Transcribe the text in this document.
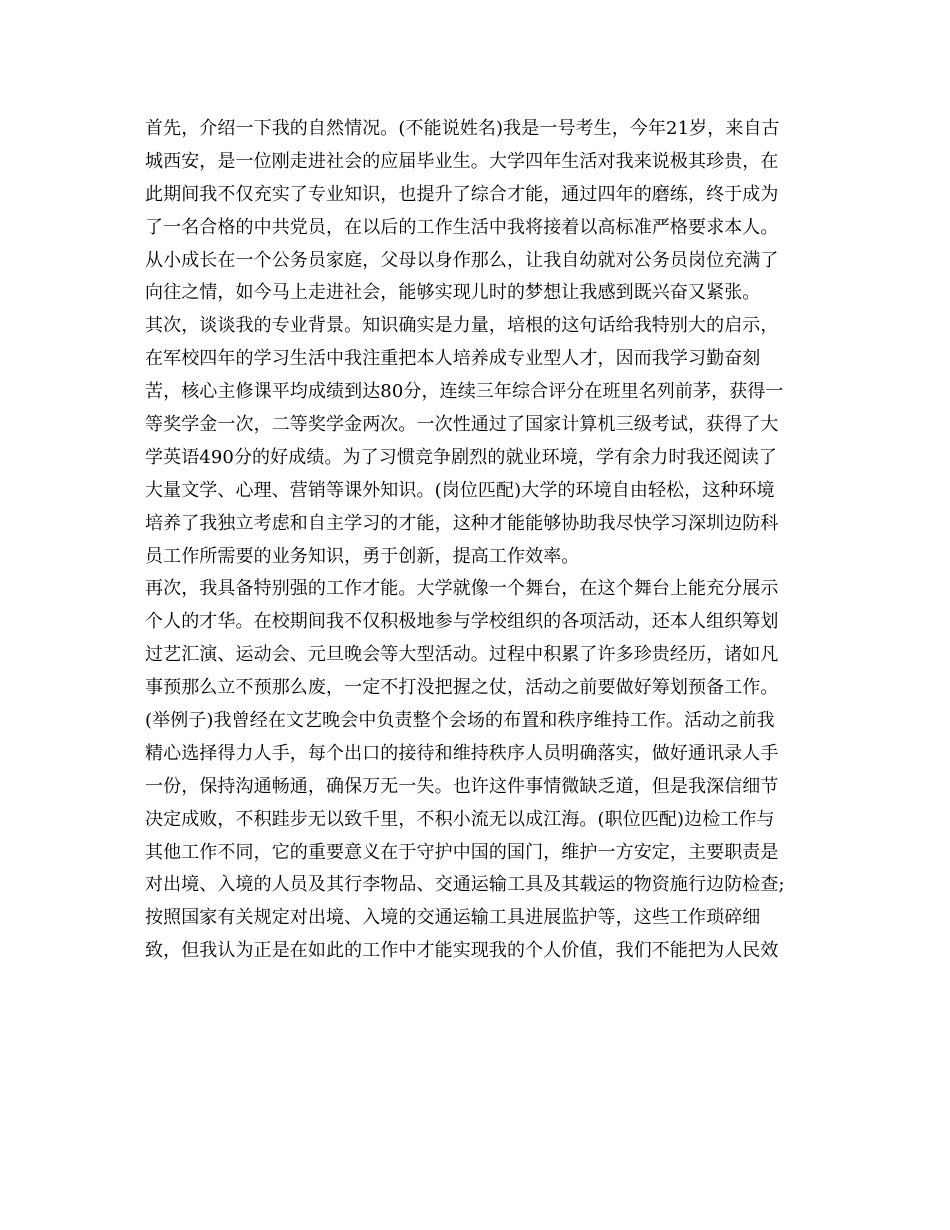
首先，介绍一下我的自然情况。(不能说姓名)我是一号考生，今年21岁，来自古
城西安，是一位刚走进社会的应届毕业生。大学四年生活对我来说极其珍贵，在
此期间我不仅充实了专业知识，也提升了综合才能，通过四年的磨练，终于成为
了一名合格的中共党员，在以后的工作生活中我将接着以高标准严格要求本人。
从小成长在一个公务员家庭，父母以身作那么，让我自幼就对公务员岗位充满了
向往之情，如今马上走进社会，能够实现儿时的梦想让我感到既兴奋又紧张。
其次，谈谈我的专业背景。知识确实是力量，培根的这句话给我特别大的启示，
在军校四年的学习生活中我注重把本人培养成专业型人才，因而我学习勤奋刻
苦，核心主修课平均成绩到达80分，连续三年综合评分在班里名列前茅，获得一
等奖学金一次，二等奖学金两次。一次性通过了国家计算机三级考试，获得了大
学英语490分的好成绩。为了习惯竞争剧烈的就业环境，学有余力时我还阅读了
大量文学、心理、营销等课外知识。(岗位匹配)大学的环境自由轻松，这种环境
培养了我独立考虑和自主学习的才能，这种才能能够协助我尽快学习深圳边防科
员工作所需要的业务知识，勇于创新，提高工作效率。
再次，我具备特别强的工作才能。大学就像一个舞台，在这个舞台上能充分展示
个人的才华。在校期间我不仅积极地参与学校组织的各项活动，还本人组织筹划
过艺汇演、运动会、元旦晚会等大型活动。过程中积累了许多珍贵经历，诸如凡
事预那么立不预那么废，一定不打没把握之仗，活动之前要做好筹划预备工作。
(举例子)我曾经在文艺晚会中负责整个会场的布置和秩序维持工作。活动之前我
精心选择得力人手，每个出口的接待和维持秩序人员明确落实，做好通讯录人手
一份，保持沟通畅通，确保万无一失。也许这件事情微缺乏道，但是我深信细节
决定成败，不积跬步无以致千里，不积小流无以成江海。(职位匹配)边检工作与
其他工作不同，它的重要意义在于守护中国的国门，维护一方安定，主要职责是
对出境、入境的人员及其行李物品、交通运输工具及其载运的物资施行边防检查;
按照国家有关规定对出境、入境的交通运输工具进展监护等，这些工作琐碎细
致，但我认为正是在如此的工作中才能实现我的个人价值，我们不能把为人民效
